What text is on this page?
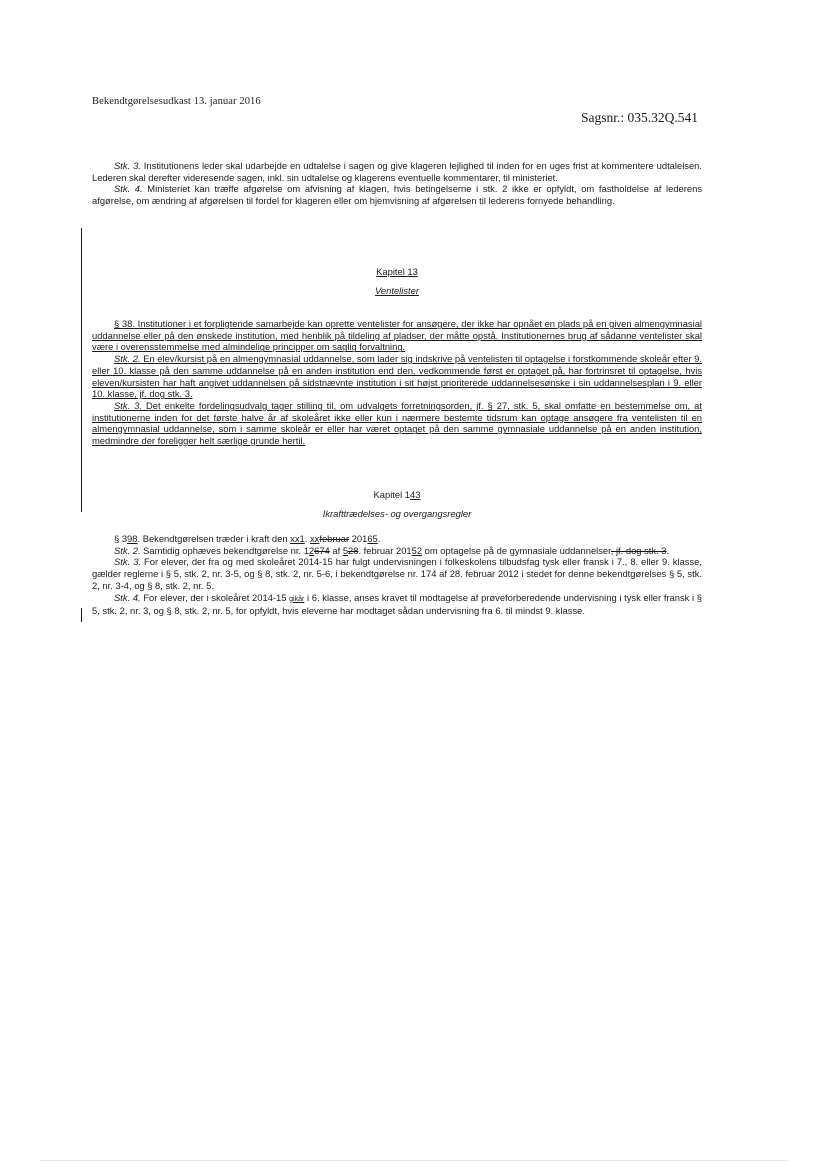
Bekendtgørelsesudkast 13. januar 2016
Sagsnr.: 035.32Q.541

Stk. 3. Institutionens leder skal udarbejde en udtalelse i sagen og give klageren lejlighed til inden for en uges frist at kommentere udtalelsen. Lederen skal derefter videresende sagen, inkl. sin udtalelse og klagerens eventuelle kommentarer, til ministeriet.

Stk. 4. Ministeriet kan træffe afgørelse om afvisning af klagen, hvis betingelserne i stk. 2 ikke er opfyldt, om fastholdelse af lederens afgørelse, om ændring af afgørelsen til fordel for klageren eller om hjemvisning af afgørelsen til lederens fornyede behandling.

Kapitel 13
Ventelister

§ 38. Institutioner i et forpligtende samarbejde kan oprette ventelister for ansøgere, der ikke har opnået en plads på en given almengymnasial uddannelse eller på den ønskede institution, med henblik på tildeling af pladser, der måtte opstå. Institutionernes brug af sådanne ventelister skal være i overensstemmelse med almindelige principper om saglig forvaltning.

Stk. 2. En elev/kursist på en almengymnasial uddannelse, som lader sig indskrive på ventelisten til optagelse i forstkommende skoleår efter 9. eller 10. klasse på den samme uddannelse på en anden institution end den, vedkommende først er optaget på, har fortrinsret til optagelse, hvis eleven/kursisten har haft angivet uddannelsen på sidstnævnte institution i sit højst prioriterede uddannelsesønske i sin uddannelsesplan i 9. eller 10. klasse, jf. dog stk. 3.

Stk. 3. Det enkelte fordelingsudvalg tager stilling til, om udvalgets forretningsorden, jf. § 27, stk. 5, skal omfatte en bestemmelse om, at institutionerne inden for det første halve år af skoleåret ikke eller kun i nærmere bestemte tidsrum kan optage ansøgere fra ventelisten til en almengymnasial uddannelse, som i samme skoleår er eller har været optaget på den samme gymnasiale uddannelse på en anden institution, medmindre der foreligger helt særlige grunde hertil.

Kapitel 143
Ikrafttrædelses- og overgangsregler

§ 398. Bekendtgørelsen træder i kraft den xx1. xxfebruar 20165.

Stk. 2. Samtidig ophæves bekendtgørelse nr. 12674 af 528. februar 20152 om optagelse på de gymnasiale uddannelser, jf. dog stk. 3.

Stk. 3. For elever, der fra og med skoleåret 2014-15 har fulgt undervisningen i folkeskolens tilbudsfag tysk eller fransk i 7., 8. eller 9. klasse, gælder reglerne i § 5, stk. 2, nr. 3-5, og § 8, stk. 2, nr. 5-6, i bekendtgørelse nr. 174 af 28. februar 2012 i stedet for denne bekendtgørelses § 5, stk. 2, nr. 3-4, og § 8, stk. 2, nr. 5.

Stk. 4. For elever, der i skoleåret 2014-15 gikår i 6. klasse, anses kravet til modtagelse af prøveforberedende undervisning i tysk eller fransk i § 5, stk. 2, nr. 3, og § 8, stk. 2, nr. 5, for opfyldt, hvis eleverne har modtaget sådan undervisning fra 6. til mindst 9. klasse.
